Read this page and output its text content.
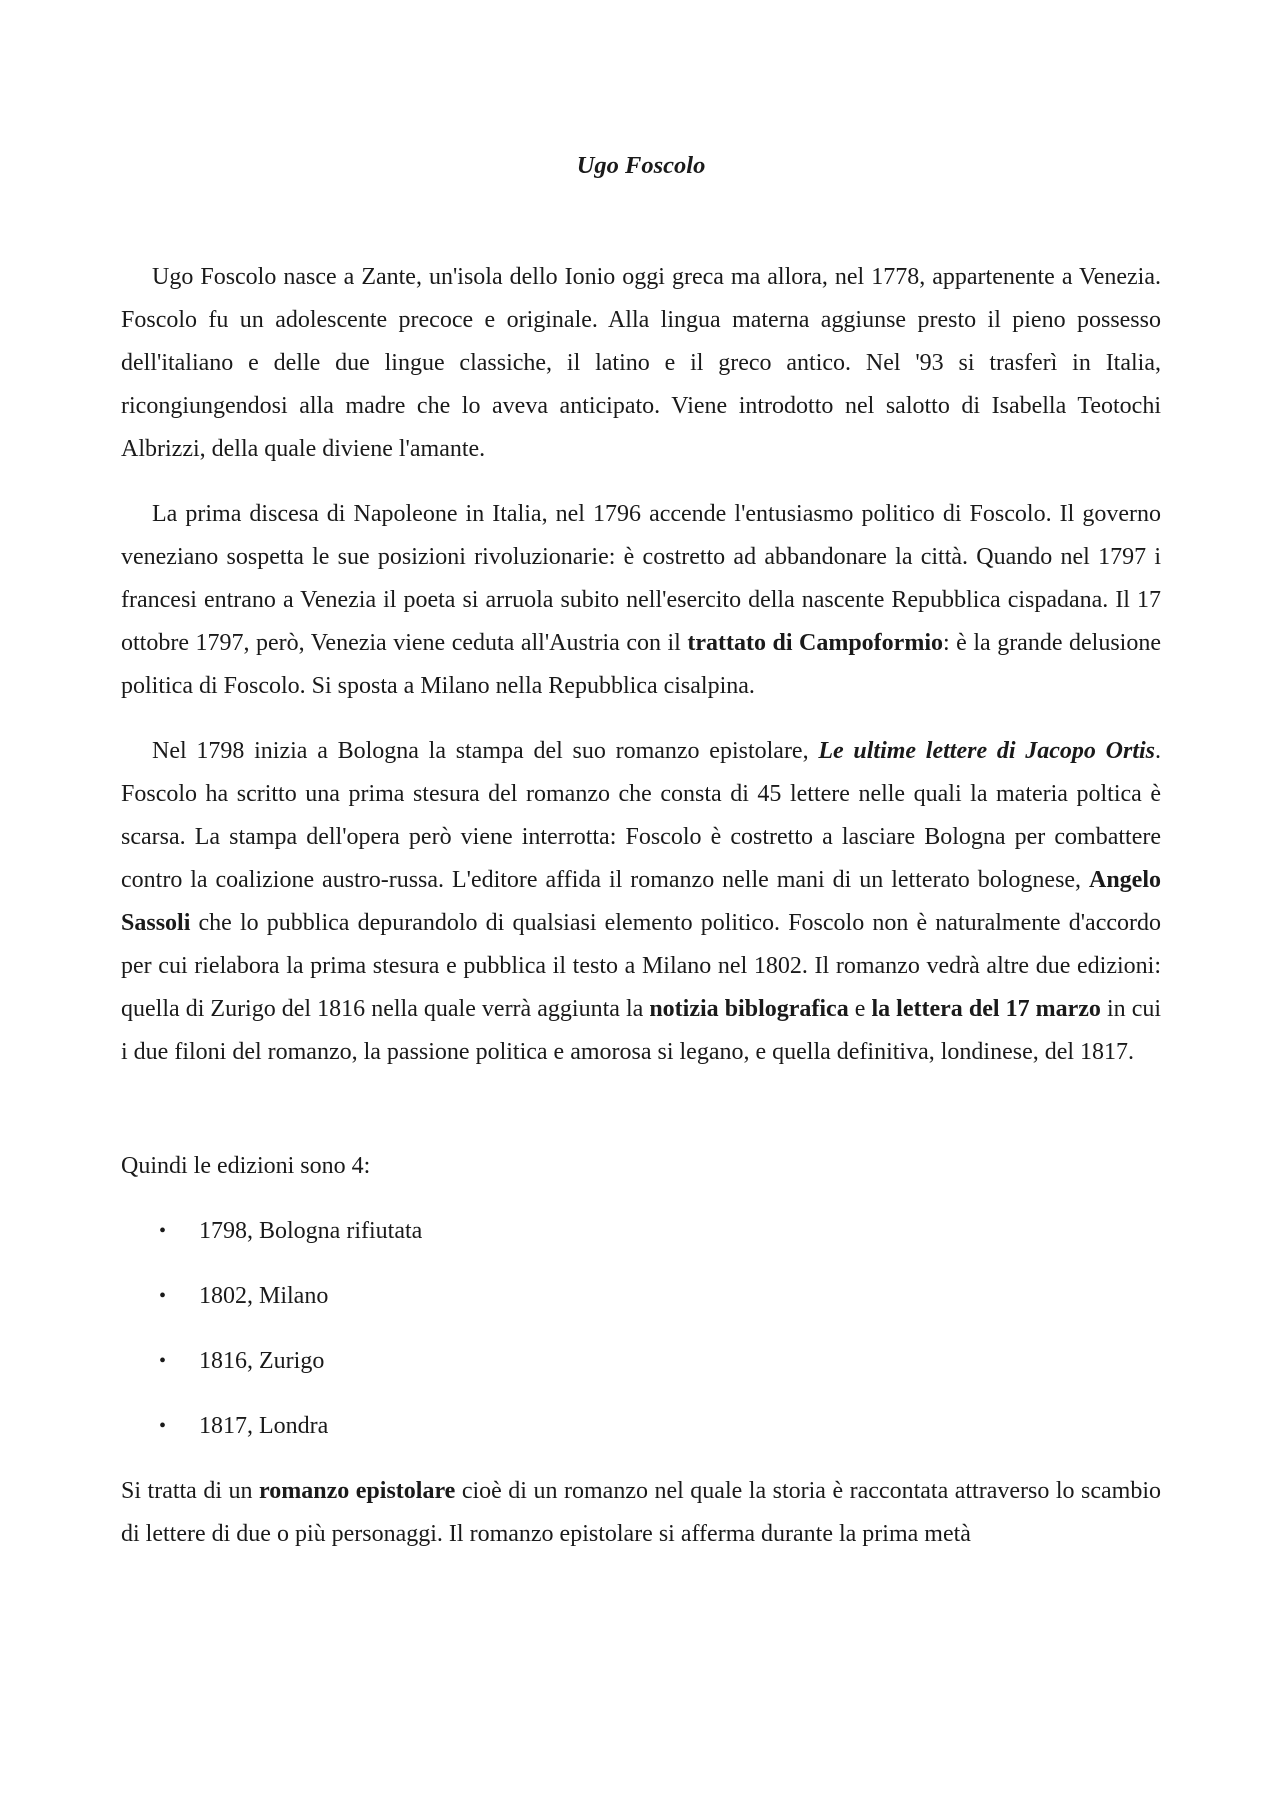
Ugo Foscolo

Ugo Foscolo nasce a Zante, un'isola dello Ionio oggi greca ma allora, nel 1778, appartenente a Venezia. Foscolo fu un adolescente precoce e originale. Alla lingua materna aggiunse presto il pieno possesso dell'italiano e delle due lingue classiche, il latino e il greco antico. Nel '93 si trasferì in Italia, ricongiungendosi alla madre che lo aveva anticipato. Viene introdotto nel salotto di Isabella Teotochi Albrizzi, della quale diviene l'amante.

La prima discesa di Napoleone in Italia, nel 1796 accende l'entusiasmo politico di Foscolo. Il governo veneziano sospetta le sue posizioni rivoluzionarie: è costretto ad abbandonare la città. Quando nel 1797 i francesi entrano a Venezia il poeta si arruola subito nell'esercito della nascente Repubblica cispadana. Il 17 ottobre 1797, però, Venezia viene ceduta all'Austria con il trattato di Campoformio: è la grande delusione politica di Foscolo. Si sposta a Milano nella Repubblica cisalpina.

Nel 1798 inizia a Bologna la stampa del suo romanzo epistolare, Le ultime lettere di Jacopo Ortis. Foscolo ha scritto una prima stesura del romanzo che consta di 45 lettere nelle quali la materia poltica è scarsa. La stampa dell'opera però viene interrotta: Foscolo è costretto a lasciare Bologna per combattere contro la coalizione austro-russa. L'editore affida il romanzo nelle mani di un letterato bolognese, Angelo Sassoli che lo pubblica depurandolo di qualsiasi elemento politico. Foscolo non è naturalmente d'accordo per cui rielabora la prima stesura e pubblica il testo a Milano nel 1802. Il romanzo vedrà altre due edizioni: quella di Zurigo del 1816 nella quale verrà aggiunta la notizia biblografica e la lettera del 17 marzo in cui i due filoni del romanzo, la passione politica e amorosa si legano, e quella definitiva, londinese, del 1817.

Quindi le edizioni sono 4:

• 1798, Bologna rifiutata
• 1802, Milano
• 1816, Zurigo
• 1817, Londra

Si tratta di un romanzo epistolare cioè di un romanzo nel quale la storia è raccontata attraverso lo scambio di lettere di due o più personaggi. Il romanzo epistolare si afferma durante la prima metà
